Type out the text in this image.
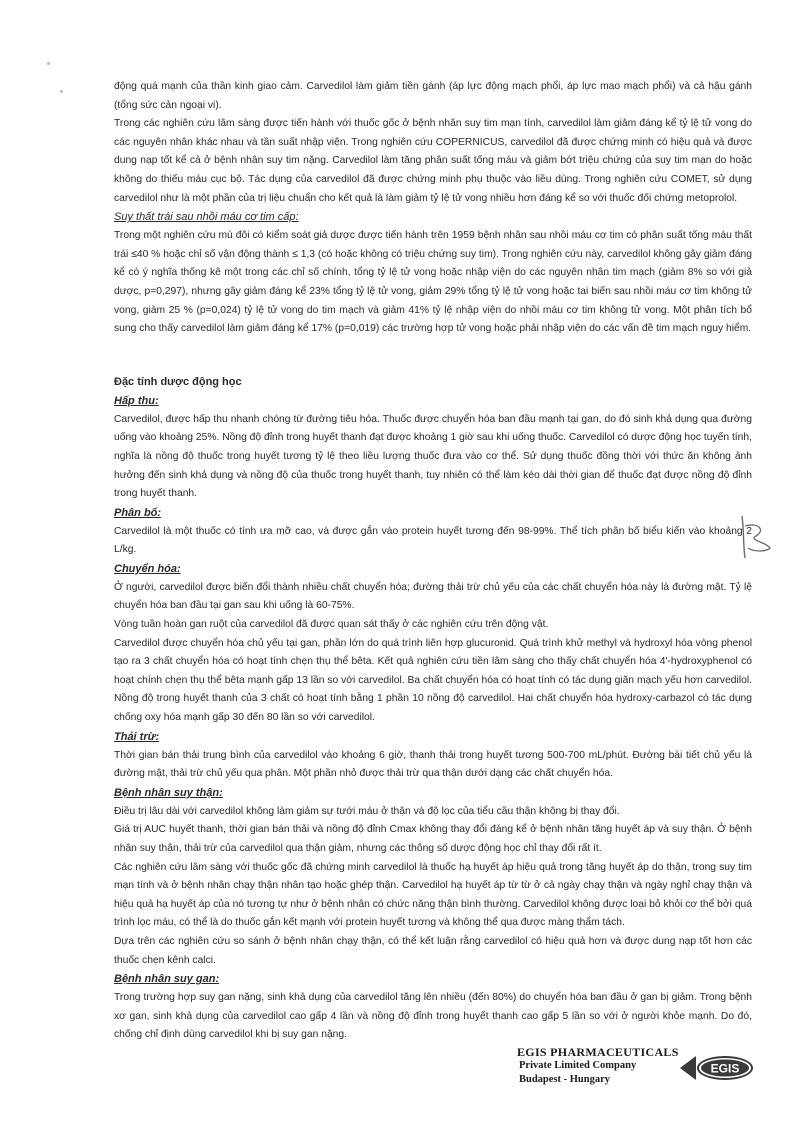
động quá mạnh của thần kinh giao cảm. Carvedilol làm giảm tiền gánh (áp lực động mạch phổi, áp lực mao mạch phổi) và cả hậu gánh (tổng sức cản ngoại vi).

Trong các nghiên cứu lâm sàng được tiến hành với thuốc gốc ở bệnh nhân suy tim mạn tính, carvedilol làm giảm đáng kể tỷ lệ tử vong do các nguyên nhân khác nhau và tần suất nhập viện. Trong nghiên cứu COPERNICUS, carvedilol đã được chứng minh có hiệu quả và được dung nạp tốt kể cả ở bệnh nhân suy tim nặng. Carvedilol làm tăng phân suất tống máu và giảm bớt triệu chứng của suy tim mạn do hoặc không do thiếu máu cục bộ. Tác dụng của carvedilol đã được chứng minh phụ thuộc vào liều dùng. Trong nghiên cứu COMET, sử dụng carvedilol như là một phần của trị liệu chuẩn cho kết quả là làm giảm tỷ lệ tử vong nhiều hơn đáng kể so với thuốc đối chứng metoprolol.

Suy thất trái sau nhồi máu cơ tim cấp:

Trong một nghiên cứu mù đôi có kiểm soát giả dược được tiến hành trên 1959 bệnh nhân sau nhồi máu cơ tim có phân suất tống máu thất trái ≤40 % hoặc chỉ số vận động thành ≤ 1,3 (có hoặc không có triệu chứng suy tim). Trong nghiên cứu này, carvedilol không gây giảm đáng kể có ý nghĩa thống kê một trong các chỉ số chính, tổng tỷ lệ tử vong hoặc nhập viện do các nguyên nhân tim mạch (giảm 8% so với giả dược, p=0,297), nhưng gây giảm đáng kể 23% tổng tỷ lệ tử vong, giảm 29% tổng tỷ lệ tử vong hoặc tai biến sau nhồi máu cơ tim không tử vong, giảm 25 % (p=0,024) tỷ lệ tử vong do tim mạch và giảm 41% tỷ lệ nhập viện do nhồi máu cơ tim không tử vong. Một phân tích bổ sung cho thấy carvedilol làm giảm đáng kể 17% (p=0,019) các trường hợp tử vong hoặc phải nhập viện do các vấn đề tim mạch nguy hiểm.

Đặc tính dược động học
Hấp thu:

Carvedilol, được hấp thu nhanh chóng từ đường tiêu hóa. Thuốc được chuyển hóa ban đầu mạnh tại gan, do đó sinh khả dụng qua đường uống vào khoảng 25%. Nồng độ đỉnh trong huyết thanh đạt được khoảng 1 giờ sau khi uống thuốc. Carvedilol có dược động học tuyến tính, nghĩa là nồng độ thuốc trong huyết tương tỷ lệ theo liều lượng thuốc đưa vào cơ thể. Sử dụng thuốc đồng thời với thức ăn không ảnh hưởng đến sinh khả dụng và nồng độ của thuốc trong huyết thanh, tuy nhiên có thể làm kéo dài thời gian để thuốc đạt được nồng độ đỉnh trong huyết thanh.

Phân bố:

Carvedilol là một thuốc có tính ưa mỡ cao, và được gắn vào protein huyết tương đến 98-99%. Thể tích phân bố biểu kiến vào khoảng 2 L/kg.

Chuyển hóa:

Ở người, carvedilol được biến đổi thành nhiều chất chuyển hóa; đường thải trừ chủ yếu của các chất chuyển hóa này là đường mật. Tỷ lệ chuyển hóa ban đầu tại gan sau khi uống là 60-75%.

Vòng tuần hoàn gan ruột của carvedilol đã được quan sát thấy ở các nghiên cứu trên động vật.

Carvedilol được chuyển hóa chủ yếu tại gan, phần lớn do quá trình liên hợp glucuronid. Quá trình khử methyl và hydroxyl hóa vòng phenol tạo ra 3 chất chuyển hóa có hoạt tính chẹn thụ thể bêta. Kết quả nghiên cứu tiền lâm sàng cho thấy chất chuyển hóa 4'-hydroxyphenol có hoạt chính chẹn thụ thể bêta mạnh gấp 13 lần so với carvedilol. Ba chất chuyển hóa có hoạt tính có tác dụng giãn mạch yếu hơn carvedilol. Nồng độ trong huyết thanh của 3 chất có hoạt tính bằng 1 phần 10 nồng độ carvedilol. Hai chất chuyển hóa hydroxy-carbazol có tác dụng chống oxy hóa mạnh gấp 30 đến 80 lần so với carvedilol.

Thải trừ:

Thời gian bán thải trung bình của carvedilol vào khoảng 6 giờ, thanh thải trong huyết tương 500-700 mL/phút. Đường bài tiết chủ yếu là đường mật, thải trừ chủ yếu qua phân. Một phần nhỏ được thải trừ qua thận dưới dạng các chất chuyển hóa.

Bệnh nhân suy thận:

Điều trị lâu dài với carvedilol không làm giảm sự tưới máu ở thận và độ lọc của tiểu cầu thận không bị thay đổi.

Giá trị AUC huyết thanh, thời gian bán thải và nồng độ đỉnh Cmax không thay đổi đáng kể ở bệnh nhân tăng huyết áp và suy thận. Ở bệnh nhân suy thận, thải trừ của carvedilol qua thận giảm, nhưng các thông số dược động học chỉ thay đổi rất ít.

Các nghiên cứu lâm sàng với thuốc gốc đã chứng minh carvedilol là thuốc hạ huyết áp hiệu quả trong tăng huyết áp do thận, trong suy tim mạn tính và ở bệnh nhân chạy thận nhân tạo hoặc ghép thận. Carvedilol hạ huyết áp từ từ ở cả ngày chạy thận và ngày nghỉ chạy thận và hiệu quả hạ huyết áp của nó tương tự như ở bệnh nhân có chức năng thận bình thường. Carvedilol không được loại bỏ khỏi cơ thể bởi quá trình lọc máu, có thể là do thuốc gắn kết mạnh với protein huyết tương và không thể qua được màng thẩm tách.

Dựa trên các nghiên cứu so sánh ở bệnh nhân chạy thận, có thể kết luận rằng carvedilol có hiệu quả hơn và được dung nạp tốt hơn các thuốc chẹn kênh calci.

Bệnh nhân suy gan:

Trong trường hợp suy gan nặng, sinh khả dụng của carvedilol tăng lên nhiều (đến 80%) do chuyển hóa ban đầu ở gan bị giảm. Trong bệnh xơ gan, sinh khả dụng của carvedilol cao gấp 4 lần và nồng độ đỉnh trong huyết thanh cao gấp 5 lần so với ở người khỏe mạnh. Do đó, chống chỉ định dùng carvedilol khi bị suy gan nặng.

EGIS PHARMACEUTICALS
Private Limited Company
Budapest - Hungary
EGIS
